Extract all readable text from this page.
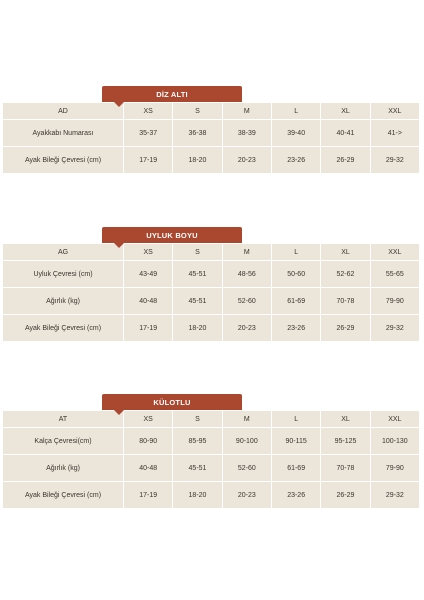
DİZ ALTI
AD	XS	S	M	L	XL	XXL
Ayakkabı Numarası	35-37	36-38	38-39	39-40	40-41	41->
Ayak Bileği Çevresi (cm)	17-19	18-20	20-23	23-26	26-29	29-32
UYLUK BOYU
AG	XS	S	M	L	XL	XXL
Uyluk Çevresi (cm)	43-49	45-51	48-56	50-60	52-62	55-65
Ağırlık (kg)	40-48	45-51	52-60	61-69	70-78	79-90
Ayak Bileği Çevresi (cm)	17-19	18-20	20-23	23-26	26-29	29-32
KÜLOTLU
AT	XS	S	M	L	XL	XXL
Kalça Çevresi(cm)	80-90	85-95	90-100	90-115	95-125	100-130
Ağırlık (kg)	40-48	45-51	52-60	61-69	70-78	79-90
Ayak Bileği Çevresi (cm)	17-19	18-20	20-23	23-26	26-29	29-32
